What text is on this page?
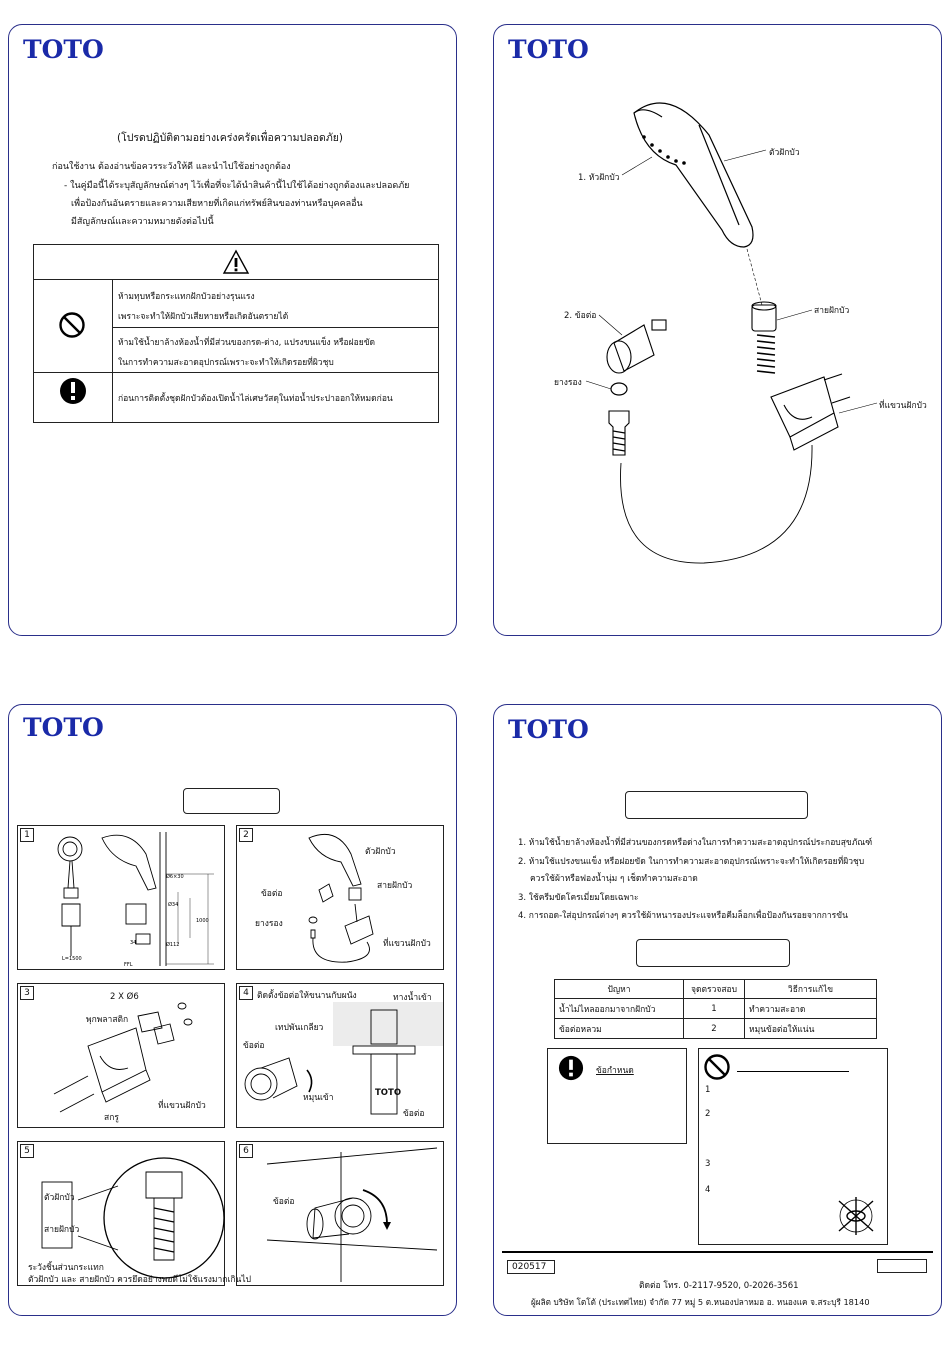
TOTO
(โปรดปฏิบัติตามอย่างเคร่งครัดเพื่อความปลอดภัย)
ก่อนใช้งาน ต้องอ่านข้อควรระวังให้ดี และนำไปใช้อย่างถูกต้อง
- ในคู่มือนี้ได้ระบุสัญลักษณ์ต่างๆ ไว้เพื่อที่จะได้นำสินค้านี้ไปใช้ได้อย่างถูกต้องและปลอดภัย
เพื่อป้องกันอันตรายและความเสียหายที่เกิดแก่ทรัพย์สินของท่านหรือบุคคลอื่น
มีสัญลักษณ์และความหมายดังต่อไปนี้
ห้ามทุบหรือกระแทกฝักบัวอย่างรุนแรง
เพราะจะทำให้ฝักบัวเสียหายหรือเกิดอันตรายได้
ห้ามใช้น้ำยาล้างห้องน้ำที่มีส่วนของกรด-ด่าง, แปรงขนแข็ง หรือฝอยขัด
ในการทำความสะอาดอุปกรณ์เพราะจะทำให้เกิดรอยที่ผิวชุบ
ก่อนการติดตั้งชุดฝักบัวต้องเปิดน้ำไล่เศษวัสดุในท่อน้ำประปาออกให้หมดก่อน
TOTO
1. หัวฝักบัว
ตัวฝักบัว
2. ข้อต่อ
ยางรอง
สายฝักบัว
ที่แขวนฝักบัว
TOTO
1
Ø6×30
Ø34
34
L=1500
Ø112
1000
FFL
2
ตัวฝักบัว
ข้อต่อ
สายฝักบัว
ยางรอง
ที่แขวนฝักบัว
3	2 X Ø6
พุกพลาสติก
ที่แขวนฝักบัว
สกรู
4 ติดตั้งข้อต่อให้ขนานกับผนัง	ทางน้ำเข้า
เทปพันเกลียว
ข้อต่อ
หมุนเข้า	TOTO
ข้อต่อ
5
ตัวฝักบัว
สายฝักบัว
ระวังชิ้นส่วนกระแทก
ตัวฝักบัว และ สายฝักบัว ควรยึดอย่างพอดีไม่ใช้แรงมากเกินไป
6
ข้อต่อ
TOTO
1. ห้ามใช้น้ำยาล้างห้องน้ำที่มีส่วนของกรดหรือด่างในการทำความสะอาดอุปกรณ์ประกอบสุขภัณฑ์
2. ห้ามใช้แปรงขนแข็ง หรือฝอยขัด ในการทำความสะอาดอุปกรณ์เพราะจะทำให้เกิดรอยที่ผิวชุบ
ควรใช้ผ้าหรือฟองน้ำนุ่ม ๆ เช็ดทำความสะอาด
3. ใช้ครีมขัดโครเมี่ยมโดยเฉพาะ
4. การถอด-ใส่อุปกรณ์ต่างๆ ควรใช้ผ้าหนารองประแจหรือคีมล็อกเพื่อป้องกันรอยจากการขัน
ปัญหา	จุดตรวจสอบ	วิธีการแก้ไข
น้ำไม่ไหลออกมาจากฝักบัว	1	ทำความสะอาด
ข้อต่อหลวม	2	หมุนข้อต่อให้แน่น
ข้อกำหนด
1
2
3
4
020517
ติดต่อ โทร. 0-2117-9520, 0-2026-3561
ผู้ผลิต บริษัท โตโต้ (ประเทศไทย) จำกัด 77 หมู่ 5 ต.หนองปลาหมอ อ. หนองแค จ.สระบุรี 18140
